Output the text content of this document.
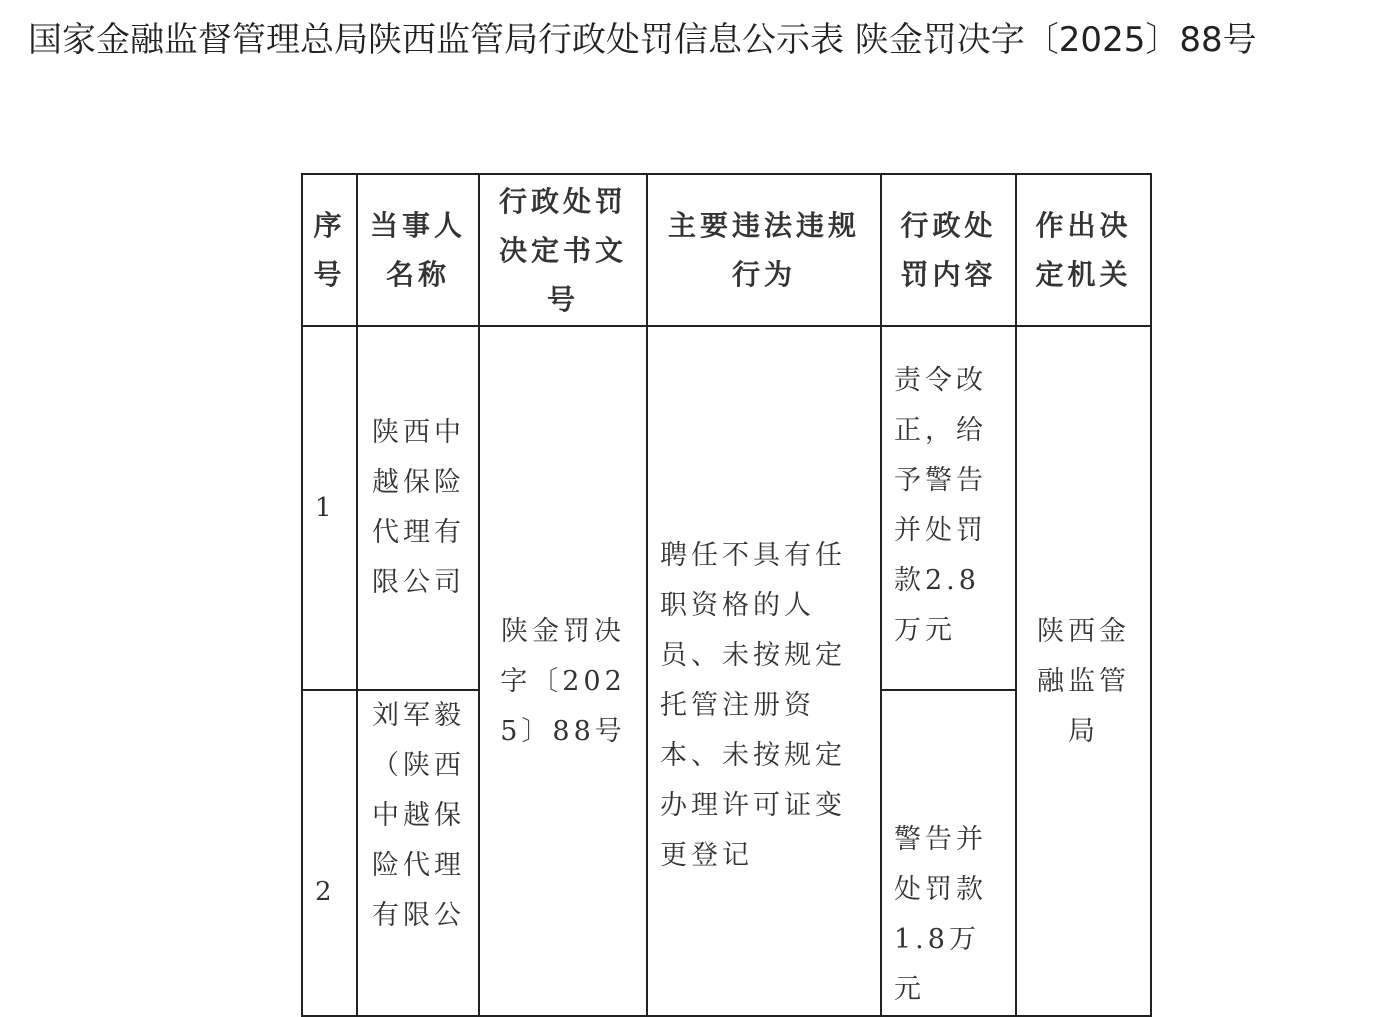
国家金融监督管理总局陕西监管局行政处罚信息公示表 陕金罚决字〔2025〕88号
序号	当事人名称	行政处罚决定书文号	主要违法违规行为	行政处罚内容	作出决定机关

1	陕西中越保险代理有限公司	陕金罚决字〔2025〕88号	聘任不具有任职资格的人员、未按规定托管注册资本、未按规定办理许可证变更登记	责令改正，给予警告并处罚款2.8万元	陕西金融监管局

2	刘军毅（陕西中越保险代理有限公			警告并处罚款1.8万元	
